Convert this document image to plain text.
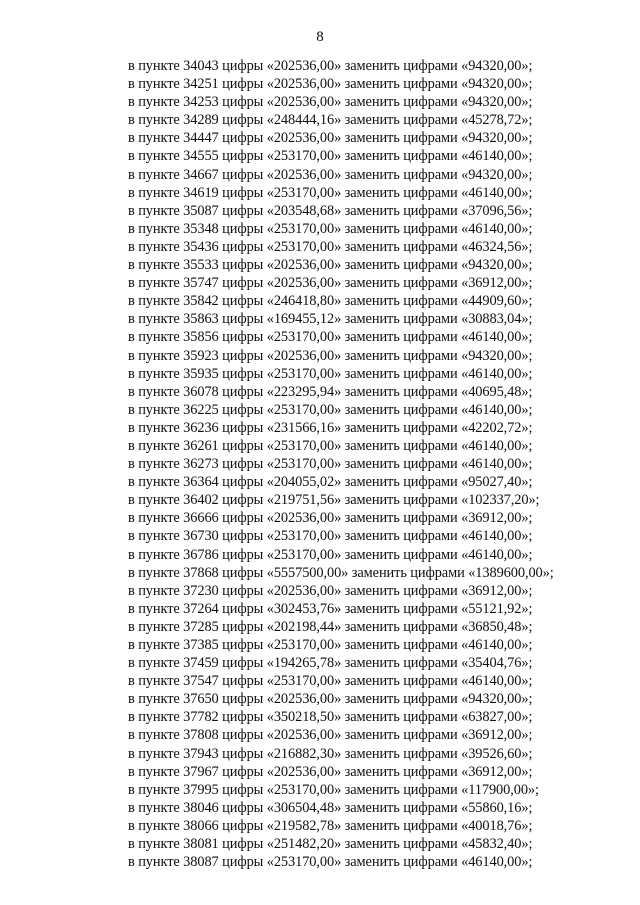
8
в пункте 34043 цифры «202536,00» заменить цифрами «94320,00»;
в пункте 34251 цифры «202536,00» заменить цифрами «94320,00»;
в пункте 34253 цифры «202536,00» заменить цифрами «94320,00»;
в пункте 34289 цифры «248444,16» заменить цифрами «45278,72»;
в пункте 34447 цифры «202536,00» заменить цифрами «94320,00»;
в пункте 34555 цифры «253170,00» заменить цифрами «46140,00»;
в пункте 34667 цифры «202536,00» заменить цифрами «94320,00»;
в пункте 34619 цифры «253170,00» заменить цифрами «46140,00»;
в пункте 35087 цифры «203548,68» заменить цифрами «37096,56»;
в пункте 35348 цифры «253170,00» заменить цифрами «46140,00»;
в пункте 35436 цифры «253170,00» заменить цифрами «46324,56»;
в пункте 35533 цифры «202536,00» заменить цифрами «94320,00»;
в пункте 35747 цифры «202536,00» заменить цифрами «36912,00»;
в пункте 35842 цифры «246418,80» заменить цифрами «44909,60»;
в пункте 35863 цифры «169455,12» заменить цифрами «30883,04»;
в пункте 35856 цифры «253170,00» заменить цифрами «46140,00»;
в пункте 35923 цифры «202536,00» заменить цифрами «94320,00»;
в пункте 35935 цифры «253170,00» заменить цифрами «46140,00»;
в пункте 36078 цифры «223295,94» заменить цифрами «40695,48»;
в пункте 36225 цифры «253170,00» заменить цифрами «46140,00»;
в пункте 36236 цифры «231566,16» заменить цифрами «42202,72»;
в пункте 36261 цифры «253170,00» заменить цифрами «46140,00»;
в пункте 36273 цифры «253170,00» заменить цифрами «46140,00»;
в пункте 36364 цифры «204055,02» заменить цифрами «95027,40»;
в пункте 36402 цифры «219751,56» заменить цифрами «102337,20»;
в пункте 36666 цифры «202536,00» заменить цифрами «36912,00»;
в пункте 36730 цифры «253170,00» заменить цифрами «46140,00»;
в пункте 36786 цифры «253170,00» заменить цифрами «46140,00»;
в пункте 37868 цифры «5557500,00» заменить цифрами «1389600,00»;
в пункте 37230 цифры «202536,00» заменить цифрами «36912,00»;
в пункте 37264 цифры «302453,76» заменить цифрами «55121,92»;
в пункте 37285 цифры «202198,44» заменить цифрами «36850,48»;
в пункте 37385 цифры «253170,00» заменить цифрами «46140,00»;
в пункте 37459 цифры «194265,78» заменить цифрами «35404,76»;
в пункте 37547 цифры «253170,00» заменить цифрами «46140,00»;
в пункте 37650 цифры «202536,00» заменить цифрами «94320,00»;
в пункте 37782 цифры «350218,50» заменить цифрами «63827,00»;
в пункте 37808 цифры «202536,00» заменить цифрами «36912,00»;
в пункте 37943 цифры «216882,30» заменить цифрами «39526,60»;
в пункте 37967 цифры «202536,00» заменить цифрами «36912,00»;
в пункте 37995 цифры «253170,00» заменить цифрами «117900,00»;
в пункте 38046 цифры «306504,48» заменить цифрами «55860,16»;
в пункте 38066 цифры «219582,78» заменить цифрами «40018,76»;
в пункте 38081 цифры «251482,20» заменить цифрами «45832,40»;
в пункте 38087 цифры «253170,00» заменить цифрами «46140,00»;
